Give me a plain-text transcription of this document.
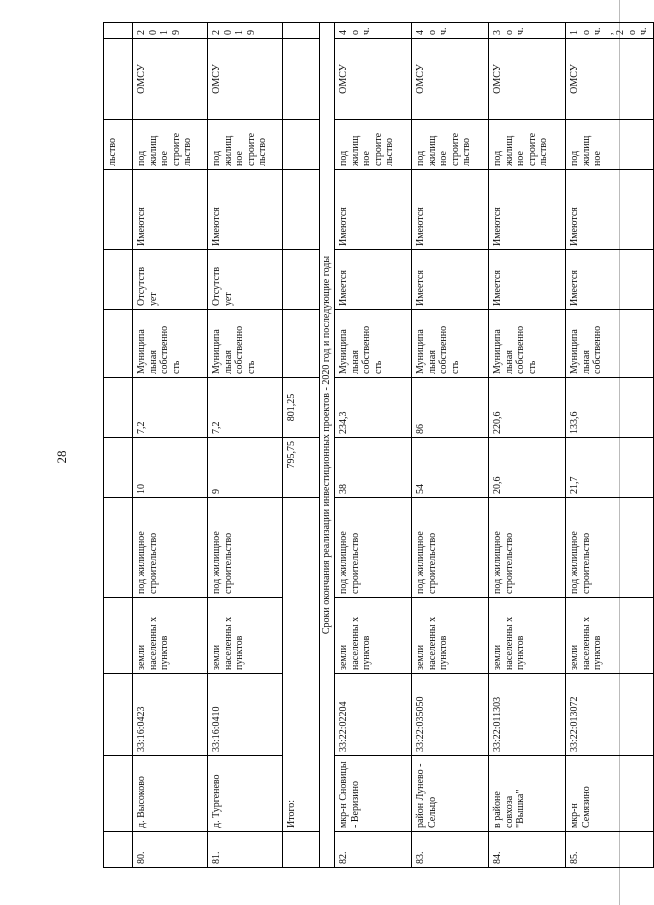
28
										льство		
80.	д. Высоково	33:16:0423	земли населенны х пунктов	под жилищное строительство	10	7,2	Муниципа льная собственно сть	Отсутств ует	Имеются	под жилищ ное строите льство	ОМСУ	2019
81.	д. Тургенево	33:16:0410	земли населенны х пунктов	под жилищное строительство	9	7,2	Муниципа льная собственно сть	Отсутств ует	Имеются	под жилищ ное строите льство	ОМСУ	2019
	Итого:				795,75	801,25						
Сроки окончания реализации инвестиционных проектов - 2020 год и последующие годы												
82.	мкр-н Сновицы - Веризино	33:22:02204	земли населенны х пунктов	под жилищное строительство	38	234,3	Муниципа льная собственно сть	Имеется	Имеются	под жилищ ное строите льство	ОМСУ	4 оч.
83.	район Лунево - Сельцо	33:22:035050	земли населенны х пунктов	под жилищное строительство	54	86	Муниципа льная собственно сть	Имеется	Имеются	под жилищ ное строите льство	ОМСУ	4 оч.
84.	в районе совхоза "Вышка"	33:22:011303	земли населенны х пунктов	под жилищное строительство	20,6	220,6	Муниципа льная собственно сть	Имеется	Имеются	под жилищ ное строите льство	ОМСУ	3 оч.
85.	мкр-н Семязино	33:22:013072	земли населенны х пунктов	под жилищное строительство	21,7	133,6	Муниципа льная собственно	Имеется	Имеются	под жилищ ное	ОМСУ	1 оч., 2 оч.
